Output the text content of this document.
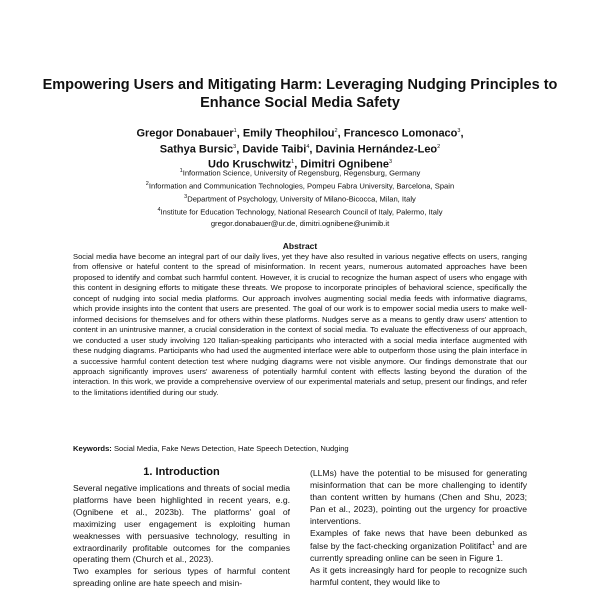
Empowering Users and Mitigating Harm: Leveraging Nudging Principles to Enhance Social Media Safety
Gregor Donabauer$^1$, Emily Theophilou$^2$, Francesco Lomonaco$^3$,
Sathya Bursic$^3$, Davide Taibi$^4$, Davinia Hernández-Leo$^2$
Udo Kruschwitz$^1$, Dimitri Ognibene$^3$
$^1$Information Science, University of Regensburg, Regensburg, Germany
$^2$Information and Communication Technologies, Pompeu Fabra University, Barcelona, Spain
$^3$Department of Psychology, University of Milano-Bicocca, Milan, Italy
$^4$Institute for Education Technology, National Research Council of Italy, Palermo, Italy
gregor.donabauer@ur.de, dimitri.ognibene@unimib.it
Abstract
Social media have become an integral part of our daily lives, yet they have also resulted in various negative effects on users, ranging from offensive or hateful content to the spread of misinformation. In recent years, numerous automated approaches have been proposed to identify and combat such harmful content. However, it is crucial to recognize the human aspect of users who engage with this content in designing efforts to mitigate these threats. We propose to incorporate principles of behavioral science, specifically the concept of nudging into social media platforms. Our approach involves augmenting social media feeds with informative diagrams, which provide insights into the content that users are presented. The goal of our work is to empower social media users to make well-informed decisions for themselves and for others within these platforms. Nudges serve as a means to gently draw users' attention to content in an unintrusive manner, a crucial consideration in the context of social media. To evaluate the effectiveness of our approach, we conducted a user study involving 120 Italian-speaking participants who interacted with a social media interface augmented with these nudging diagrams. Participants who had used the augmented interface were able to outperform those using the plain interface in a successive harmful content detection test where nudging diagrams were not visible anymore. Our findings demonstrate that our approach significantly improves users' awareness of potentially harmful content with effects lasting beyond the duration of the interaction. In this work, we provide a comprehensive overview of our experimental materials and setup, present our findings, and refer to the limitations identified during our study.
Keywords: Social Media, Fake News Detection, Hate Speech Detection, Nudging
1. Introduction

Several negative implications and threats of social media platforms have been highlighted in recent years, e.g. (Ognibene et al., 2023b). The platforms' goal of maximizing user engagement is exploiting human weaknesses with persuasive technology, resulting in extraordinarily profitable outcomes for the companies operating them (Church et al., 2023).

Two examples for serious types of harmful content spreading online are hate speech and misin-

(LLMs) have the potential to be misused for generating misinformation that can be more challenging to identify than content written by humans (Chen and Shu, 2023; Pan et al., 2023), pointing out the urgency for proactive interventions.

Examples of fake news that have been debunked as false by the fact-checking organization Politifact$^1$ and are currently spreading online can be seen in Figure 1.

As it gets increasingly hard for people to recognize such harmful content, they would like to
